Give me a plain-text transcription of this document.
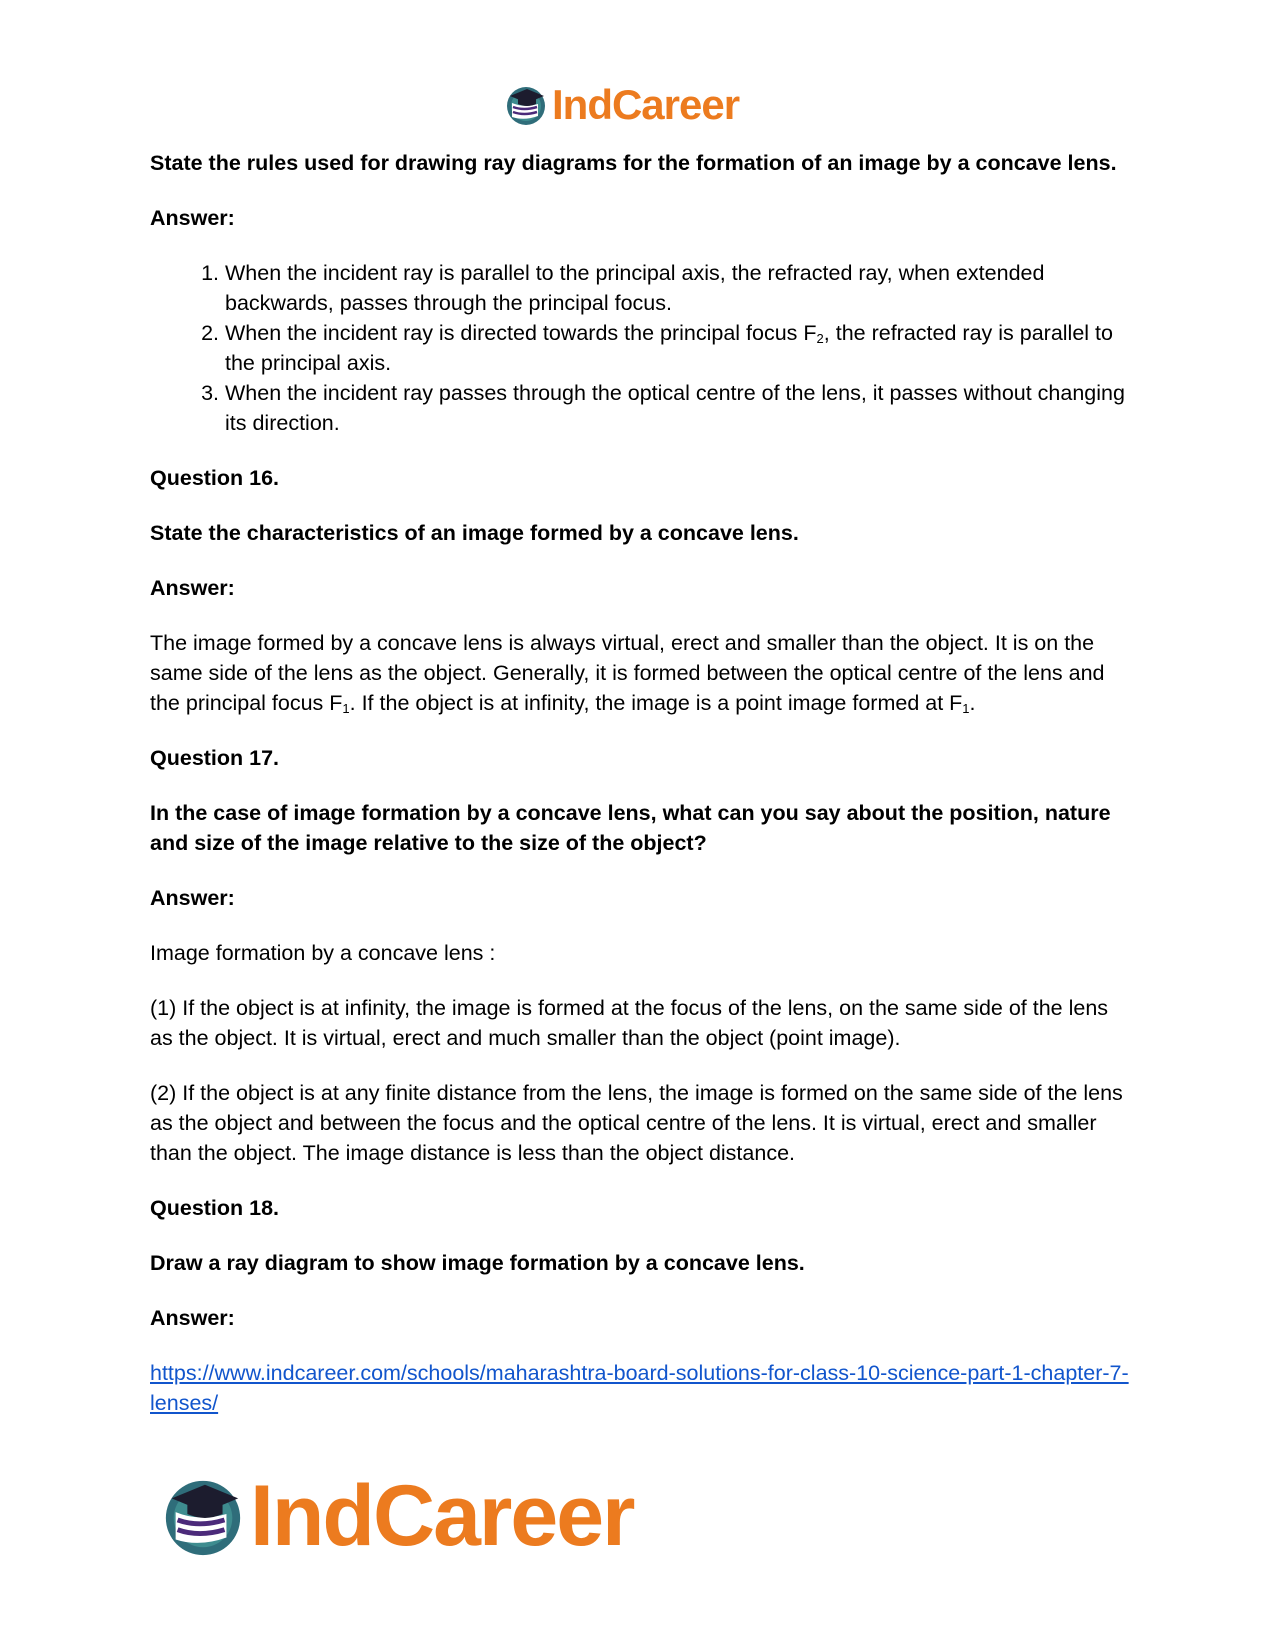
IndCareer

State the rules used for drawing ray diagrams for the formation of an image by a concave lens.

Answer:

1. When the incident ray is parallel to the principal axis, the refracted ray, when extended backwards, passes through the principal focus.
2. When the incident ray is directed towards the principal focus $F_2$, the refracted ray is parallel to the principal axis.
3. When the incident ray passes through the optical centre of the lens, it passes without changing its direction.

Question 16.

State the characteristics of an image formed by a concave lens.

Answer:

The image formed by a concave lens is always virtual, erect and smaller than the object. It is on the same side of the lens as the object. Generally, it is formed between the optical centre of the lens and the principal focus $F_1$. If the object is at infinity, the image is a point image formed at $F_1$.

Question 17.

In the case of image formation by a concave lens, what can you say about the position, nature and size of the image relative to the size of the object?

Answer:

Image formation by a concave lens :

(1) If the object is at infinity, the image is formed at the focus of the lens, on the same side of the lens as the object. It is virtual, erect and much smaller than the object (point image).

(2) If the object is at any finite distance from the lens, the image is formed on the same side of the lens as the object and between the focus and the optical centre of the lens. It is virtual, erect and smaller than the object. The image distance is less than the object distance.

Question 18.

Draw a ray diagram to show image formation by a concave lens.

Answer:

https://www.indcareer.com/schools/maharashtra-board-solutions-for-class-10-science-part-1-chapter-7-lenses/

IndCareer
